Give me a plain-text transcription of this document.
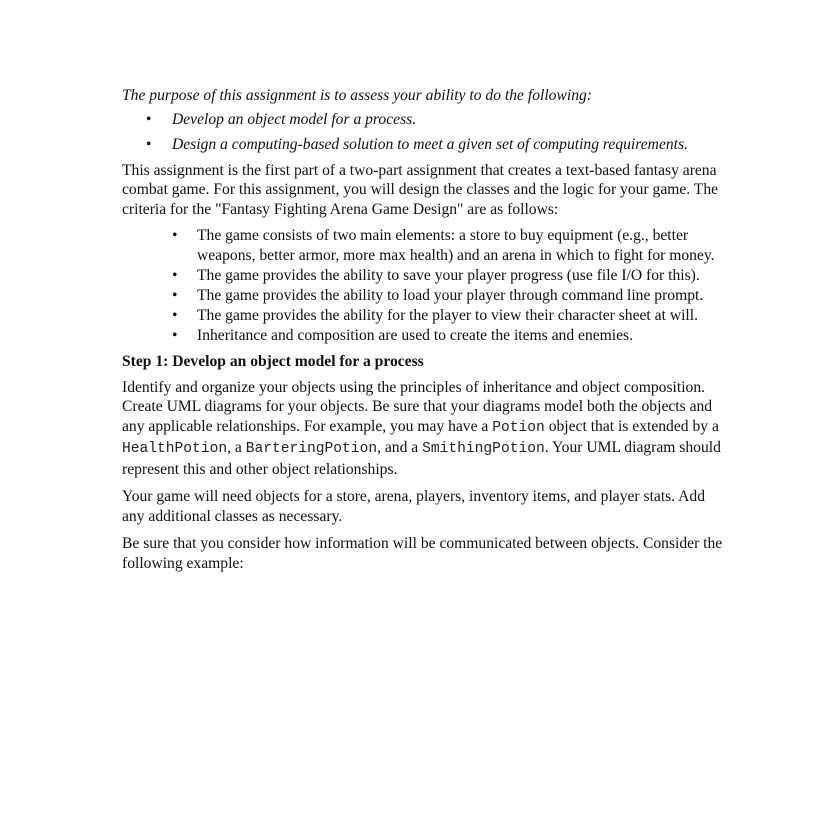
The purpose of this assignment is to assess your ability to do the following:

• Develop an object model for a process.
• Design a computing-based solution to meet a given set of computing requirements.

This assignment is the first part of a two-part assignment that creates a text-based fantasy arena combat game. For this assignment, you will design the classes and the logic for your game. The criteria for the "Fantasy Fighting Arena Game Design" are as follows:

• The game consists of two main elements: a store to buy equipment (e.g., better weapons, better armor, more max health) and an arena in which to fight for money.
• The game provides the ability to save your player progress (use file I/O for this).
• The game provides the ability to load your player through command line prompt.
• The game provides the ability for the player to view their character sheet at will.
• Inheritance and composition are used to create the items and enemies.
Step 1: Develop an object model for a process

Identify and organize your objects using the principles of inheritance and object composition. Create UML diagrams for your objects. Be sure that your diagrams model both the objects and any applicable relationships. For example, you may have a Potion object that is extended by a HealthPotion, a BarteringPotion, and a SmithingPotion. Your UML diagram should represent this and other object relationships.

Your game will need objects for a store, arena, players, inventory items, and player stats. Add any additional classes as necessary.

Be sure that you consider how information will be communicated between objects. Consider the following example:
